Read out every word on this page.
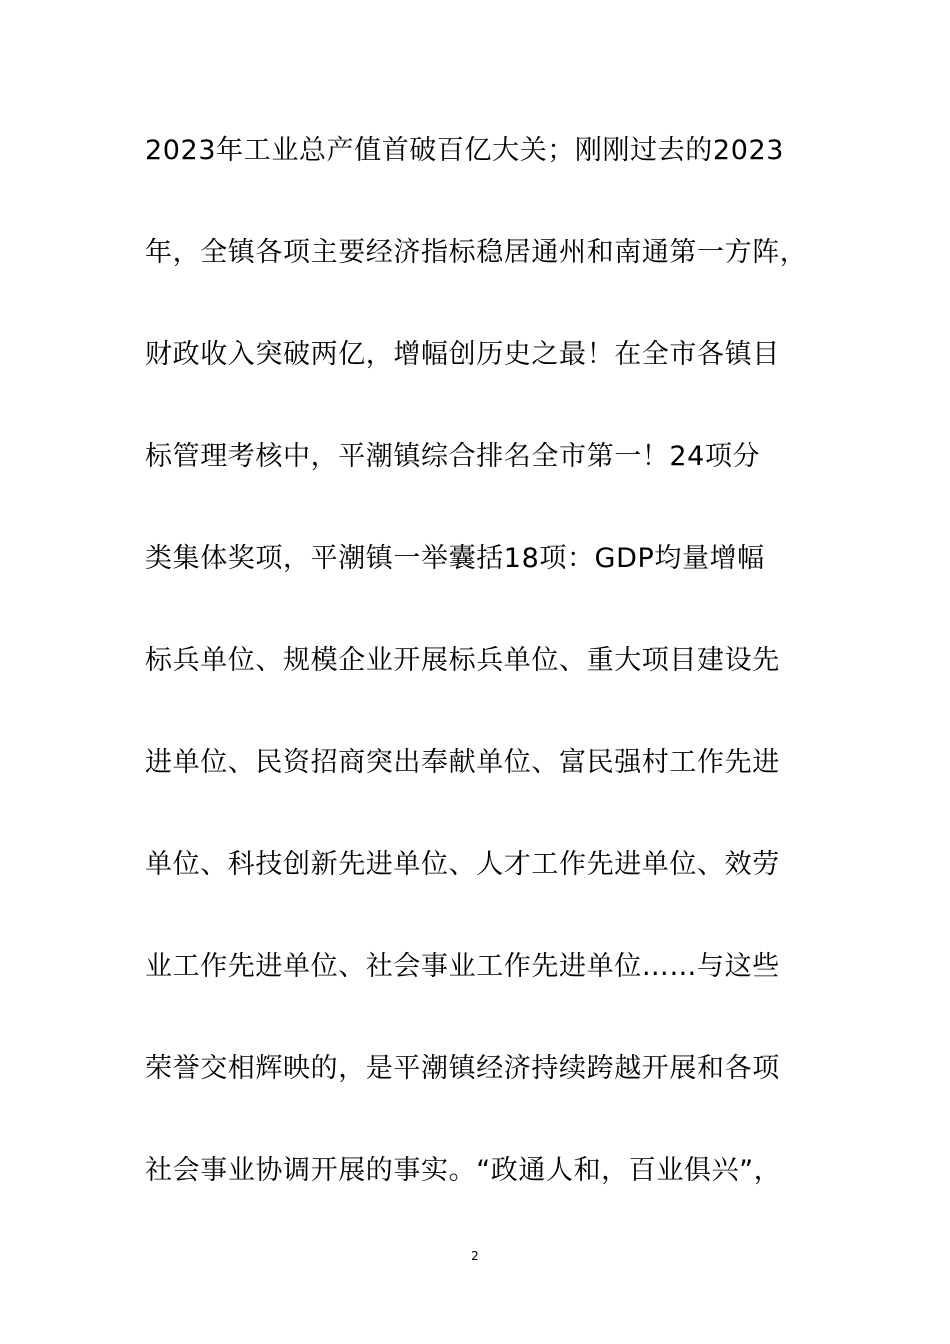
2023年工业总产值首破百亿大关；刚刚过去的2023
年，全镇各项主要经济指标稳居通州和南通第一方阵，
财政收入突破两亿，增幅创历史之最！在全市各镇目
标管理考核中，平潮镇综合排名全市第一！24项分
类集体奖项，平潮镇一举囊括18项：GDP均量增幅
标兵单位、规模企业开展标兵单位、重大项目建设先
进单位、民资招商突出奉献单位、富民强村工作先进
单位、科技创新先进单位、人才工作先进单位、效劳
业工作先进单位、社会事业工作先进单位……与这些
荣誉交相辉映的，是平潮镇经济持续跨越开展和各项
社会事业协调开展的事实。“政通人和，百业俱兴”，
2
